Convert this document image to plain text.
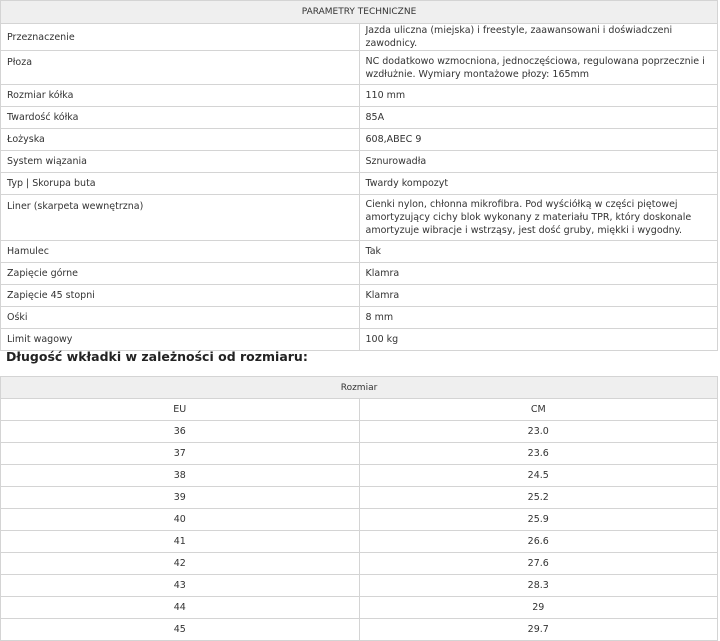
PARAMETRY TECHNICZNE	
Przeznaczenie	Jazda uliczna (miejska) i freestyle, zaawansowani i doświadczeni zawodnicy.
Płoza	NC dodatkowo wzmocniona, jednoczęściowa, regulowana poprzecznie i wzdłużnie. Wymiary montażowe płozy: 165mm
Rozmiar kółka	110 mm
Twardość kółka	85A
Łożyska	608,ABEC 9
System wiązania	Sznurowadła
Typ | Skorupa buta	Twardy kompozyt
Liner (skarpeta wewnętrzna)	Cienki nylon, chłonna mikrofibra. Pod wyściółką w części piętowej amortyzujący cichy blok wykonany z materiału TPR, który doskonale amortyzuje wibracje i wstrząsy, jest dość gruby, miękki i wygodny.
Hamulec	Tak
Zapięcie górne	Klamra
Zapięcie 45 stopni	Klamra
Ośki	8 mm
Limit wagowy	100 kg
Długość wkładki w zależności od rozmiaru:
Rozmiar	
EU	CM
36	23.0
37	23.6
38	24.5
39	25.2
40	25.9
41	26.6
42	27.6
43	28.3
44	29
45	29.7
